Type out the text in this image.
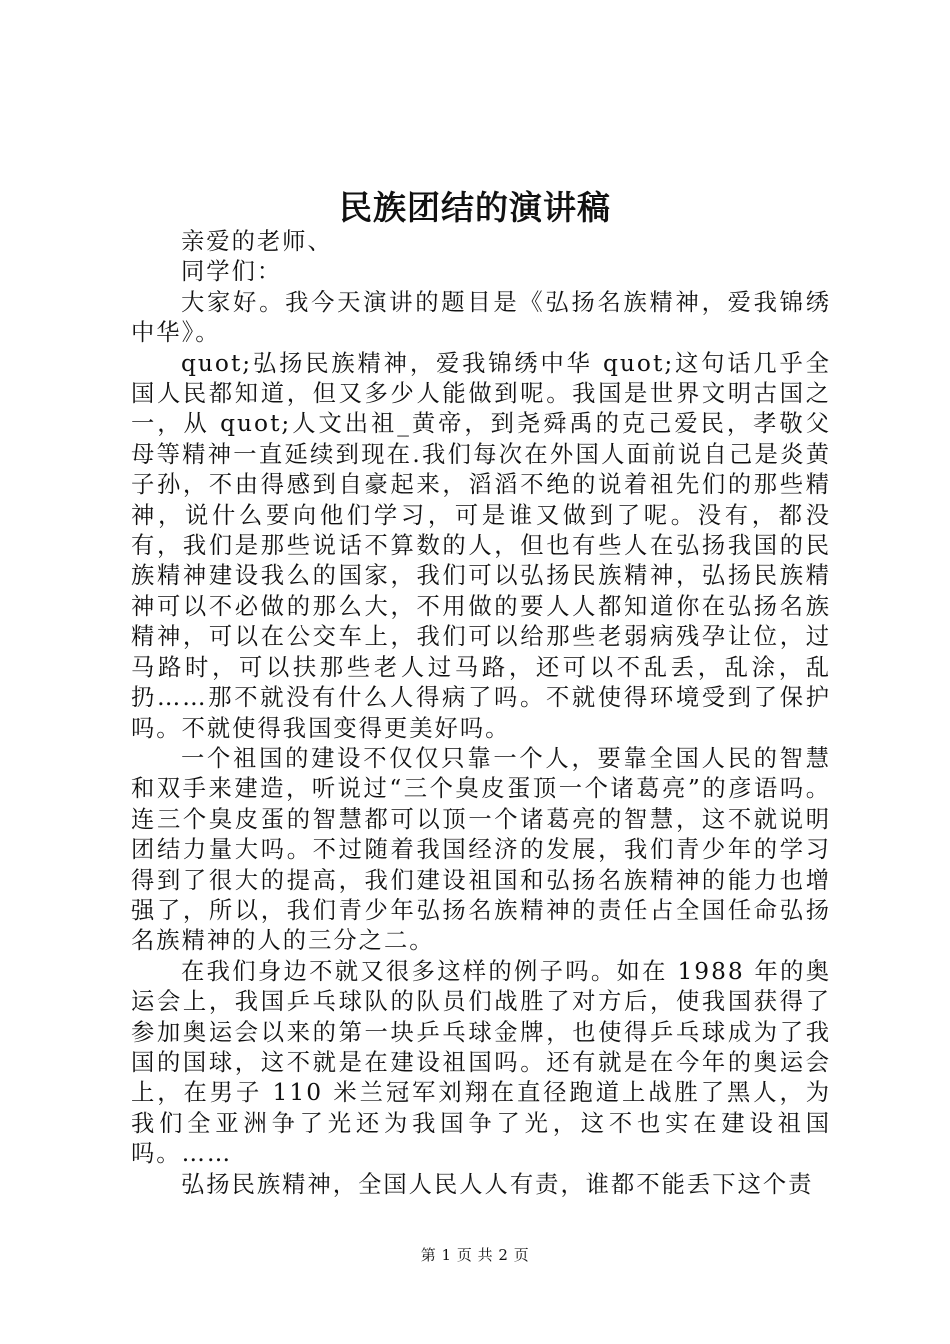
民族团结的演讲稿

亲爱的老师、

同学们：

大家好。我今天演讲的题目是《弘扬名族精神，爱我锦绣中华》。

quot;弘扬民族精神，爱我锦绣中华 quot;这句话几乎全国人民都知道，但又多少人能做到呢。我国是世界文明古国之一，从 quot;人文出祖_黄帝，到尧舜禹的克己爱民，孝敬父母等精神一直延续到现在.我们每次在外国人面前说自己是炎黄子孙，不由得感到自豪起来，滔滔不绝的说着祖先们的那些精神，说什么要向他们学习，可是谁又做到了呢。没有，都没有，我们是那些说话不算数的人，但也有些人在弘扬我国的民族精神建设我么的国家，我们可以弘扬民族精神，弘扬民族精神可以不必做的那么大，不用做的要人人都知道你在弘扬名族精神，可以在公交车上，我们可以给那些老弱病残孕让位，过马路时，可以扶那些老人过马路，还可以不乱丢，乱涂，乱扔……那不就没有什么人得病了吗。不就使得环境受到了保护吗。不就使得我国变得更美好吗。

一个祖国的建设不仅仅只靠一个人，要靠全国人民的智慧和双手来建造，听说过“三个臭皮蛋顶一个诸葛亮”的彦语吗。连三个臭皮蛋的智慧都可以顶一个诸葛亮的智慧，这不就说明团结力量大吗。不过随着我国经济的发展，我们青少年的学习得到了很大的提高，我们建设祖国和弘扬名族精神的能力也增强了，所以，我们青少年弘扬名族精神的责任占全国任命弘扬名族精神的人的三分之二。

在我们身边不就又很多这样的例子吗。如在 1988 年的奥运会上，我国乒乓球队的队员们战胜了对方后，使我国获得了参加奥运会以来的第一块乒乓球金牌，也使得乒乓球成为了我国的国球，这不就是在建设祖国吗。还有就是在今年的奥运会上，在男子 110 米兰冠军刘翔在直径跑道上战胜了黑人，为我们全亚洲争了光还为我国争了光，这不也实在建设祖国吗。……

弘扬民族精神，全国人民人人有责，谁都不能丢下这个责

第 1 页 共 2 页
